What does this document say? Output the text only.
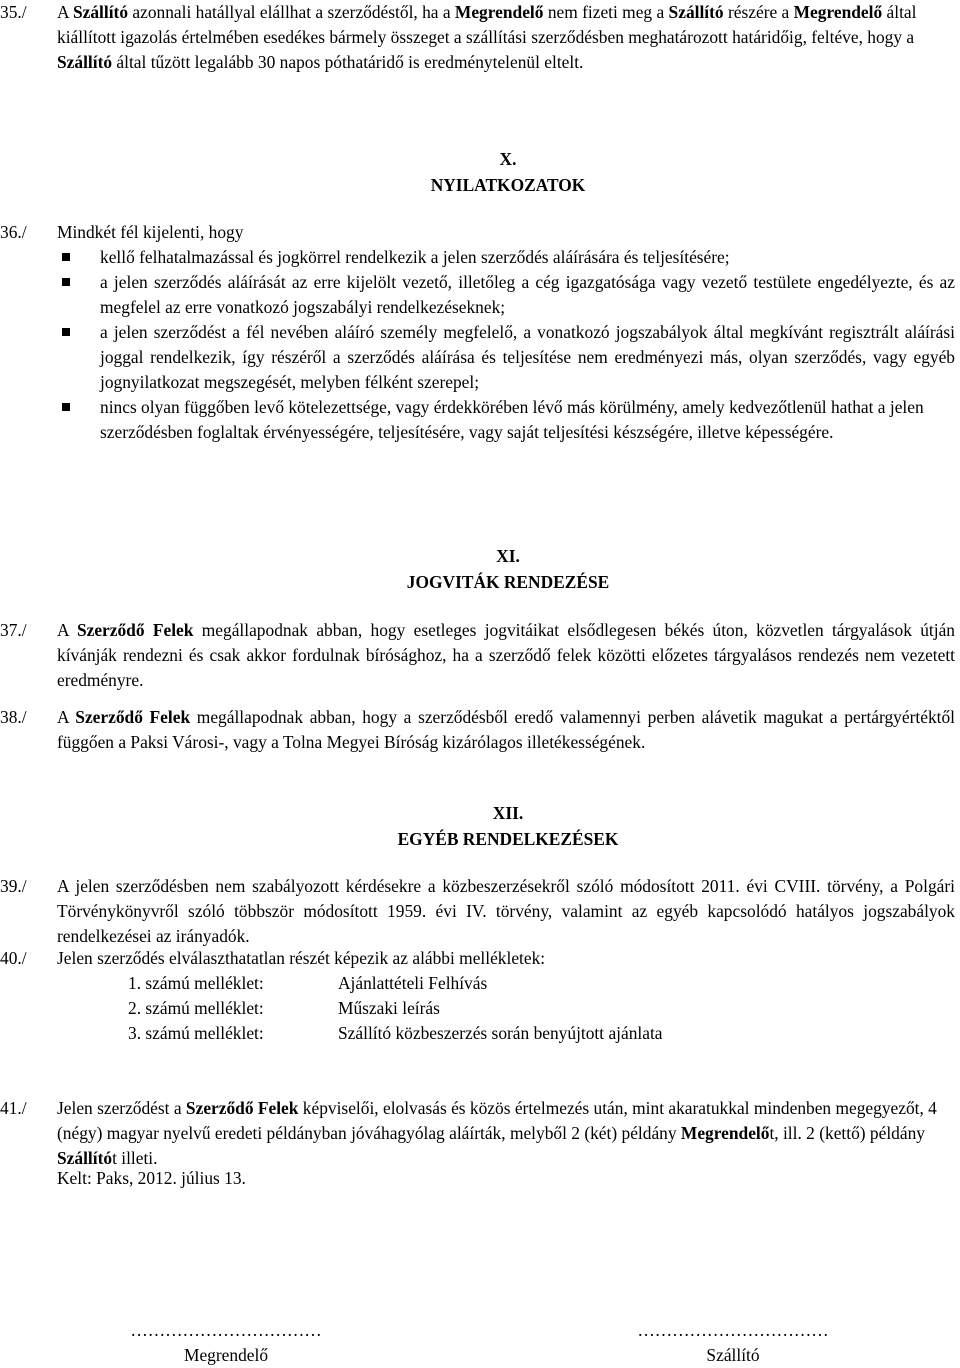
35./	A Szállító azonnali hatállyal elállhat a szerződéstől, ha a Megrendelő nem fizeti meg a Szállító részére a Megrendelő által kiállított igazolás értelmében esedékes bármely összeget a szállítási szerződésben meghatározott határidőig, feltéve, hogy a Szállító által tűzött legalább 30 napos póthatáridő is eredménytelenül eltelt.
X.
NYILATKOZATOK
36./	Mindkét fél kijelenti, hogy
kellő felhatalmazással és jogkörrel rendelkezik a jelen szerződés aláírására és teljesítésére;
a jelen szerződés aláírását az erre kijelölt vezető, illetőleg a cég igazgatósága vagy vezető testülete engedélyezte, és az megfelel az erre vonatkozó jogszabályi rendelkezéseknek;
a jelen szerződést a fél nevében aláíró személy megfelelő, a vonatkozó jogszabályok által megkívánt regisztrált aláírási joggal rendelkezik, így részéről a szerződés aláírása és teljesítése nem eredményezi más, olyan szerződés, vagy egyéb jognyilatkozat megszegését, melyben félként szerepel;
nincs olyan függőben levő kötelezettsége, vagy érdekkörében lévő más körülmény, amely kedvezőtlenül hathat a jelen szerződésben foglaltak érvényességére, teljesítésére, vagy saját teljesítési készségére, illetve képességére.
XI.
JOGVITÁK RENDEZÉSE
37./	A Szerződő Felek megállapodnak abban, hogy esetleges jogvitáikat elsődlegesen békés úton, közvetlen tárgyalások útján kívánják rendezni és csak akkor fordulnak bírósághoz, ha a szerződő felek közötti előzetes tárgyalásos rendezés nem vezetett eredményre.
38./	A Szerződő Felek megállapodnak abban, hogy a szerződésből eredő valamennyi perben alávetik magukat a pertárgyértéktől függően a Paksi Városi-, vagy a Tolna Megyei Bíróság kizárólagos illetékességének.
XII.
EGYÉB RENDELKEZÉSEK
39./	A jelen szerződésben nem szabályozott kérdésekre a közbeszerzésekről szóló módosított 2011. évi CVIII. törvény, a Polgári Törvénykönyvről szóló többször módosított 1959. évi IV. törvény, valamint az egyéb kapcsolódó hatályos jogszabályok rendelkezései az irányadók.
40./	Jelen szerződés elválaszthatatlan részét képezik az alábbi mellékletek:
1. számú melléklet:	Ajánlattételi Felhívás
2. számú melléklet:	Műszaki leírás
3. számú melléklet:	Szállító közbeszerzés során benyújtott ajánlata
41./	Jelen szerződést a Szerződő Felek képviselői, elolvasás és közös értelmezés után, mint akaratukkal mindenben megegyezőt, 4 (négy) magyar nyelvű eredeti példányban jóváhagyólag aláírták, melyből 2 (két) példány Megrendelőt, ill. 2 (kettő) példány Szállítót illeti.
Kelt: Paks, 2012. július 13.
……………………………
Megrendelő
……………………………
Szállító
